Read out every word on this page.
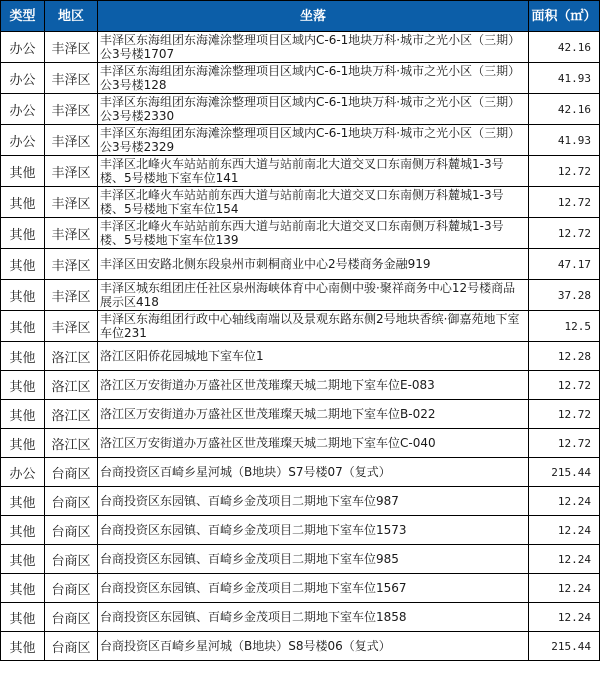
类型	地区	坐落	面积（㎡）
办公	丰泽区	丰泽区东海组团东海滩涂整理项目区域内C-6-1地块万科·城市之光小区（三期）公3号楼1707	42.16
办公	丰泽区	丰泽区东海组团东海滩涂整理项目区域内C-6-1地块万科·城市之光小区（三期）公3号楼128	41.93
办公	丰泽区	丰泽区东海组团东海滩涂整理项目区域内C-6-1地块万科·城市之光小区（三期）公3号楼2330	42.16
办公	丰泽区	丰泽区东海组团东海滩涂整理项目区域内C-6-1地块万科·城市之光小区（三期）公3号楼2329	41.93
其他	丰泽区	丰泽区北峰火车站站前东西大道与站前南北大道交叉口东南侧万科麓城1-3号楼、5号楼地下室车位141	12.72
其他	丰泽区	丰泽区北峰火车站站前东西大道与站前南北大道交叉口东南侧万科麓城1-3号楼、5号楼地下室车位154	12.72
其他	丰泽区	丰泽区北峰火车站站前东西大道与站前南北大道交叉口东南侧万科麓城1-3号楼、5号楼地下室车位139	12.72
其他	丰泽区	丰泽区田安路北侧东段泉州市刺桐商业中心2号楼商务金融919	47.17
其他	丰泽区	丰泽区城东组团庄任社区泉州海峡体育中心南侧中骏·聚祥商务中心12号楼商品展示区418	37.28
其他	丰泽区	丰泽区东海组团行政中心轴线南端以及景观东路东侧2号地块香缤·御嘉苑地下室车位231	12.5
其他	洛江区	洛江区阳侨花园城地下室车位1	12.28
其他	洛江区	洛江区万安街道办万盛社区世茂璀璨天城二期地下室车位E-083	12.72
其他	洛江区	洛江区万安街道办万盛社区世茂璀璨天城二期地下室车位B-022	12.72
其他	洛江区	洛江区万安街道办万盛社区世茂璀璨天城二期地下室车位C-040	12.72
办公	台商区	台商投资区百崎乡星河城（B地块）S7号楼07（复式）	215.44
其他	台商区	台商投资区东园镇、百崎乡金茂项目二期地下室车位987	12.24
其他	台商区	台商投资区东园镇、百崎乡金茂项目二期地下室车位1573	12.24
其他	台商区	台商投资区东园镇、百崎乡金茂项目二期地下室车位985	12.24
其他	台商区	台商投资区东园镇、百崎乡金茂项目二期地下室车位1567	12.24
其他	台商区	台商投资区东园镇、百崎乡金茂项目二期地下室车位1858	12.24
其他	台商区	台商投资区百崎乡星河城（B地块）S8号楼06（复式）	215.44
